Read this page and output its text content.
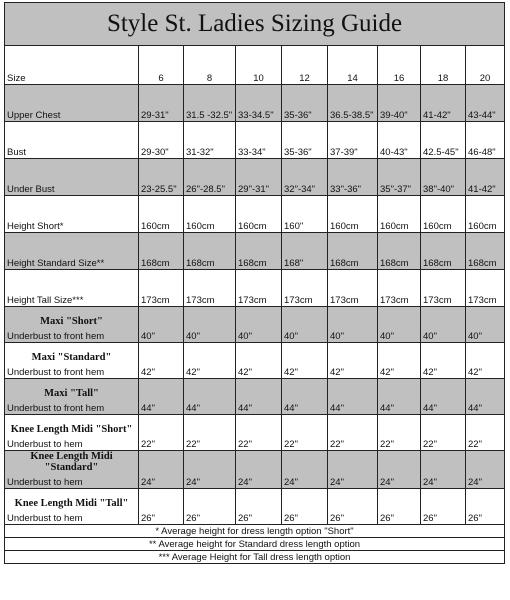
Style St. Ladies Sizing Guide								
Size	6	8	10	12	14	16	18	20
Upper Chest	29-31"	31.5 -32.5"	33-34.5"	35-36"	36.5-38.5"	39-40"	41-42"	43-44"
Bust	29-30"	31-32"	33-34"	35-36"	37-39"	40-43"	42.5-45"	46-48"
Under Bust	23-25.5"	26"-28.5"	29"-31"	32"-34"	33"-36"	35"-37"	38"-40"	41-42"
Height Short*	160cm	160cm	160cm	160"	160cm	160cm	160cm	160cm
Height Standard Size**	168cm	168cm	168cm	168"	168cm	168cm	168cm	168cm
Height Tall Size***	173cm	173cm	173cm	173cm	173cm	173cm	173cm	173cm

Maxi "Short"
Underbust to front hem	40"	40"	40"	40"	40"	40"	40"	40"

Maxi "Standard"
Underbust to front hem	42"	42"	42"	42"	42"	42"	42"	42"

Maxi "Tall"
Underbust to front hem	44"	44"	44"	44"	44"	44"	44"	44"

Knee Length Midi "Short"
Underbust to hem	22"	22"	22"	22"	22"	22"	22"	22"

Knee Length Midi "Standard"
Underbust to hem	24"	24"	24"	24"	24"	24"	24"	24"

Knee Length Midi "Tall"
Underbust to hem	26"	26"	26"	26"	26"	26"	26"	26"
* Average height for dress length option "Short"								
** Average height for Standard dress length option								
*** Average Height for Tall dress length option								
